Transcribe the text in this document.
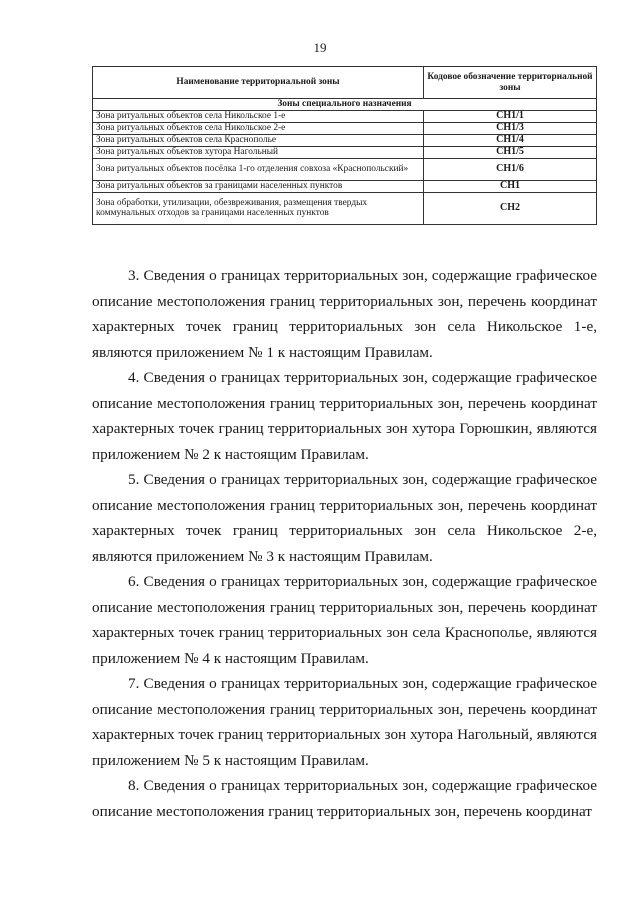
19
Наименование территориальной зоны	Кодовое обозначение территориальной зоны
Зоны специального назначения	
Зона ритуальных объектов села Никольское 1-е	СН1/1
Зона ритуальных объектов села Никольское 2-е	СН1/3
Зона ритуальных объектов села Краснополье	СН1/4
Зона ритуальных объектов хутора Нагольный	СН1/5
Зона ритуальных объектов посёлка 1-го отделения совхоза «Краснопольский»	СН1/6
Зона ритуальных объектов за границами населенных пунктов	СН1
Зона обработки, утилизации, обезвреживания, размещения твердых коммунальных отходов за границами населенных пунктов	СН2

3. Сведения о границах территориальных зон, содержащие графическое описание местоположения границ территориальных зон, перечень координат характерных точек границ территориальных зон села Никольское 1-е, являются приложением № 1 к настоящим Правилам.

4. Сведения о границах территориальных зон, содержащие графическое описание местоположения границ территориальных зон, перечень координат характерных точек границ территориальных зон хутора Горюшкин, являются приложением № 2 к настоящим Правилам.

5. Сведения о границах территориальных зон, содержащие графическое описание местоположения границ территориальных зон, перечень координат характерных точек границ территориальных зон села Никольское 2-е, являются приложением № 3 к настоящим Правилам.

6. Сведения о границах территориальных зон, содержащие графическое описание местоположения границ территориальных зон, перечень координат характерных точек границ территориальных зон села Краснополье, являются приложением № 4 к настоящим Правилам.

7. Сведения о границах территориальных зон, содержащие графическое описание местоположения границ территориальных зон, перечень координат характерных точек границ территориальных зон хутора Нагольный, являются приложением № 5 к настоящим Правилам.

8. Сведения о границах территориальных зон, содержащие графическое описание местоположения границ территориальных зон, перечень координат
